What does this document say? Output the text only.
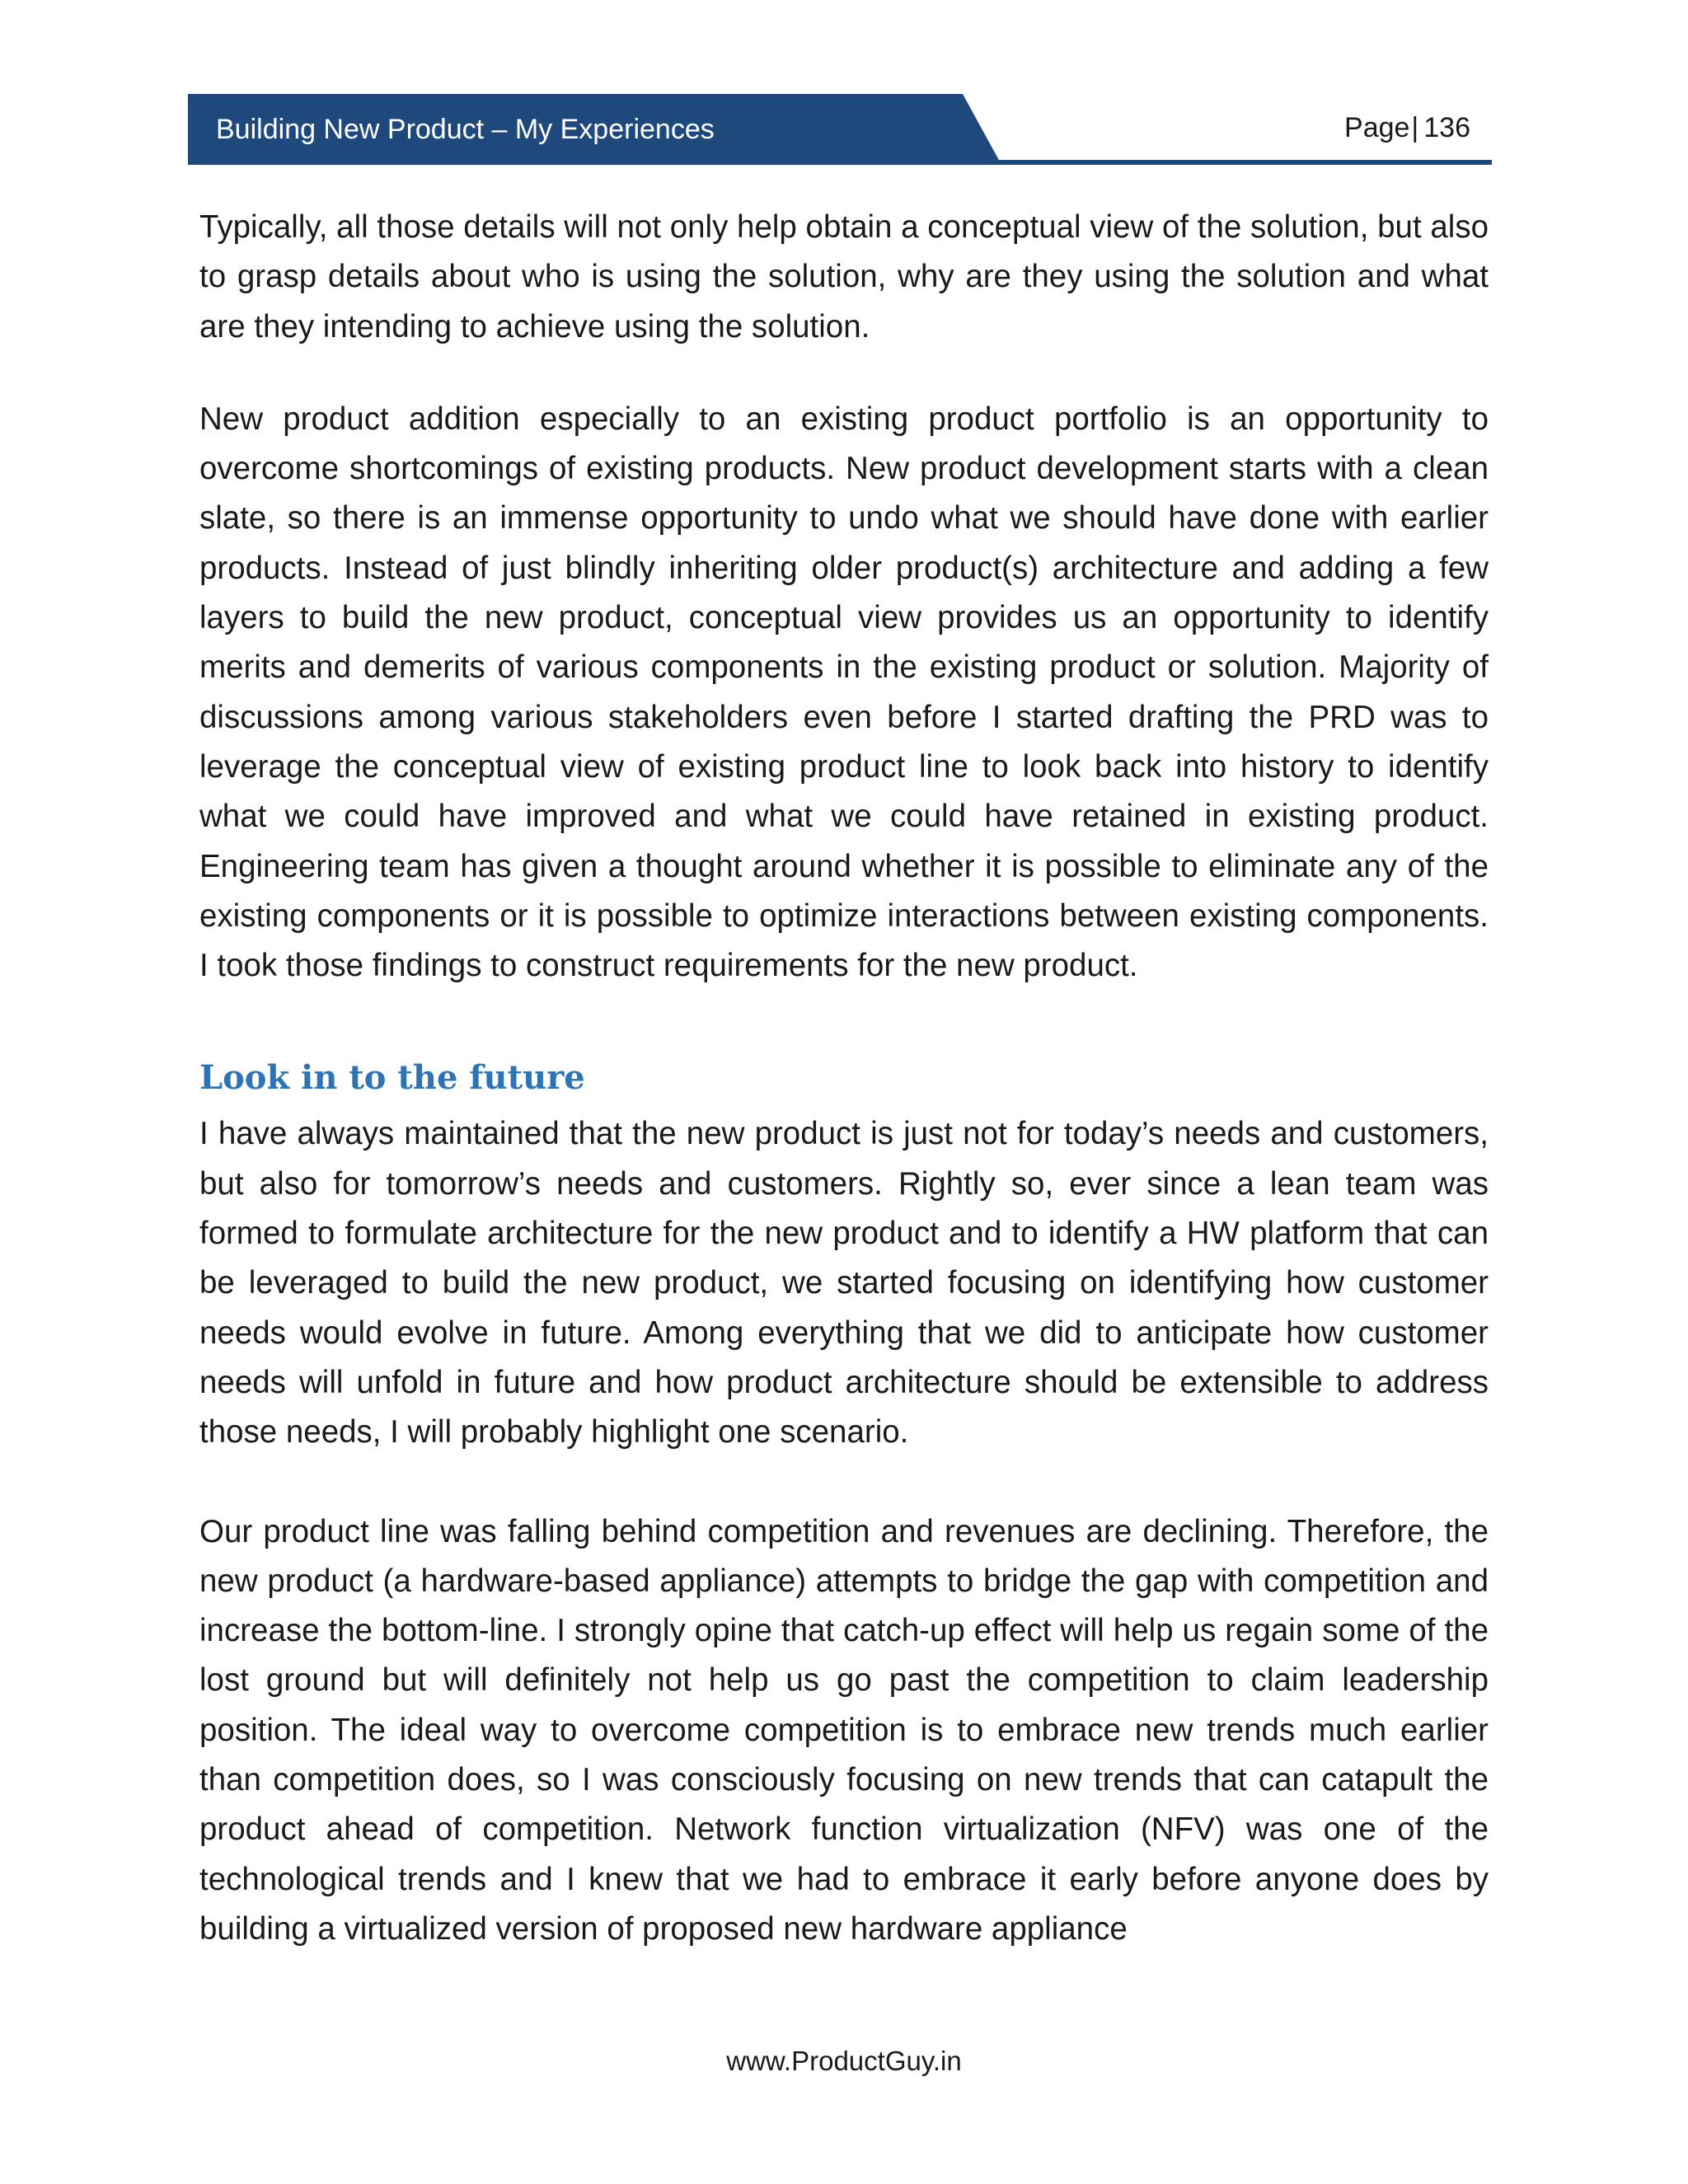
Building New Product – My Experiences	Page| 136

Typically, all those details will not only help obtain a conceptual view of the solution, but also to grasp details about who is using the solution, why are they using the solution and what are they intending to achieve using the solution.

New product addition especially to an existing product portfolio is an opportunity to overcome shortcomings of existing products. New product development starts with a clean slate, so there is an immense opportunity to undo what we should have done with earlier products. Instead of just blindly inheriting older product(s) architecture and adding a few layers to build the new product, conceptual view provides us an opportunity to identify merits and demerits of various components in the existing product or solution. Majority of discussions among various stakeholders even before I started drafting the PRD was to leverage the conceptual view of existing product line to look back into history to identify what we could have improved and what we could have retained in existing product. Engineering team has given a thought around whether it is possible to eliminate any of the existing components or it is possible to optimize interactions between existing components. I took those findings to construct requirements for the new product.

Look in to the future

I have always maintained that the new product is just not for today’s needs and customers, but also for tomorrow’s needs and customers. Rightly so, ever since a lean team was formed to formulate architecture for the new product and to identify a HW platform that can be leveraged to build the new product, we started focusing on identifying how customer needs would evolve in future. Among everything that we did to anticipate how customer needs will unfold in future and how product architecture should be extensible to address those needs, I will probably highlight one scenario.

Our product line was falling behind competition and revenues are declining. Therefore, the new product (a hardware-based appliance) attempts to bridge the gap with competition and increase the bottom-line. I strongly opine that catch-up effect will help us regain some of the lost ground but will definitely not help us go past the competition to claim leadership position. The ideal way to overcome competition is to embrace new trends much earlier than competition does, so I was consciously focusing on new trends that can catapult the product ahead of competition. Network function virtualization (NFV) was one of the technological trends and I knew that we had to embrace it early before anyone does by building a virtualized version of proposed new hardware appliance

www.ProductGuy.in
